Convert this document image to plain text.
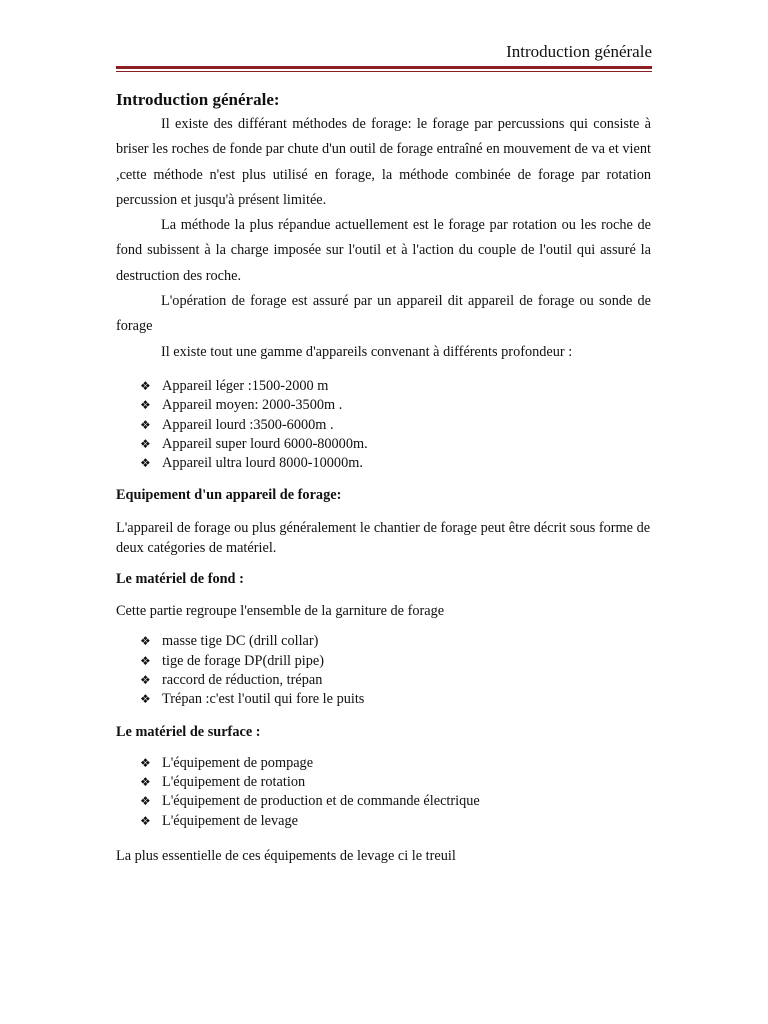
Introduction générale
Introduction générale:

Il existe des différant méthodes de forage: le forage par percussions qui consiste à briser les roches de fonde par chute d'un outil de forage entraîné en mouvement de va et vient ,cette méthode n'est plus utilisé en forage, la méthode combinée de forage par rotation percussion et jusqu'à présent limitée.

La méthode la plus répandue actuellement est le forage par rotation ou les roche de fond subissent à la charge imposée sur l'outil et à l'action du couple de l'outil qui assuré la destruction des roche.

L'opération de forage est assuré par un appareil dit appareil de forage ou sonde de forage

Il existe tout une gamme d'appareils convenant à différents profondeur :

❖ Appareil léger :1500-2000 m
❖ Appareil moyen: 2000-3500m .
❖ Appareil lourd :3500-6000m .
❖ Appareil super lourd 6000-80000m.
❖ Appareil ultra lourd 8000-10000m.

Equipement d'un appareil de forage:

L'appareil de forage ou plus généralement le chantier de forage peut être décrit sous forme de deux catégories de matériel.

Le matériel de fond :

Cette partie regroupe l'ensemble de la garniture de forage

❖ masse tige DC (drill collar)
❖ tige de forage DP(drill pipe)
❖ raccord de réduction, trépan
❖ Trépan :c'est l'outil qui fore le puits

Le matériel de surface :

❖ L'équipement de pompage
❖ L'équipement de rotation
❖ L'équipement de production et de commande électrique
❖ L'équipement de levage

La plus essentielle de ces équipements de levage ci le treuil
